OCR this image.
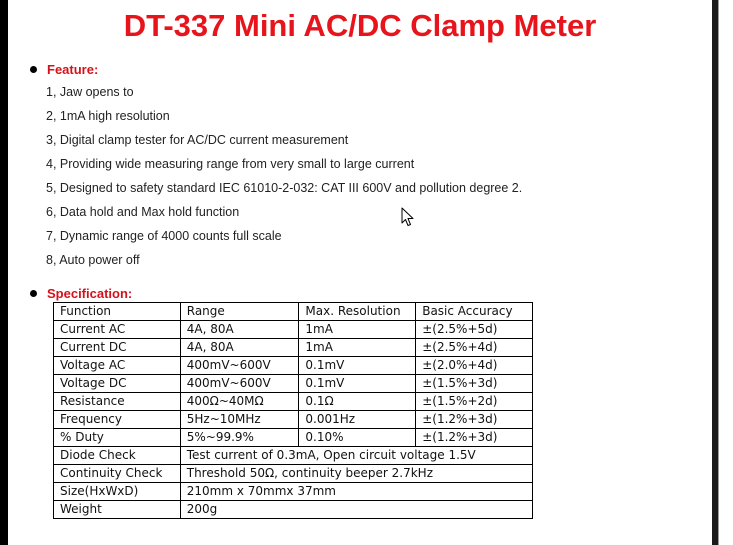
DT-337 Mini AC/DC Clamp Meter
Feature:
1, Jaw opens to
2, 1mA high resolution
3, Digital clamp tester for AC/DC current measurement
4, Providing wide measuring range from very small to large current
5, Designed to safety standard IEC 61010-2-032: CAT III 600V and pollution degree 2.
6, Data hold and Max hold function
7, Dynamic range of 4000 counts full scale
8, Auto power off
Specification:
Function	Range	Max. Resolution	Basic Accuracy
Current AC	4A, 80A	1mA	±(2.5%+5d)
Current DC	4A, 80A	1mA	±(2.5%+4d)
Voltage AC	400mV~600V	0.1mV	±(2.0%+4d)
Voltage DC	400mV~600V	0.1mV	±(1.5%+3d)
Resistance	400Ω~40MΩ	0.1Ω	±(1.5%+2d)
Frequency	5Hz~10MHz	0.001Hz	±(1.2%+3d)
% Duty	5%~99.9%	0.10%	±(1.2%+3d)
Diode Check	Test current of 0.3mA, Open circuit voltage 1.5V		
Continuity Check	Threshold 50Ω, continuity beeper 2.7kHz		
Size(HxWxD)	210mm x 70mmx 37mm		
Weight	200g		
